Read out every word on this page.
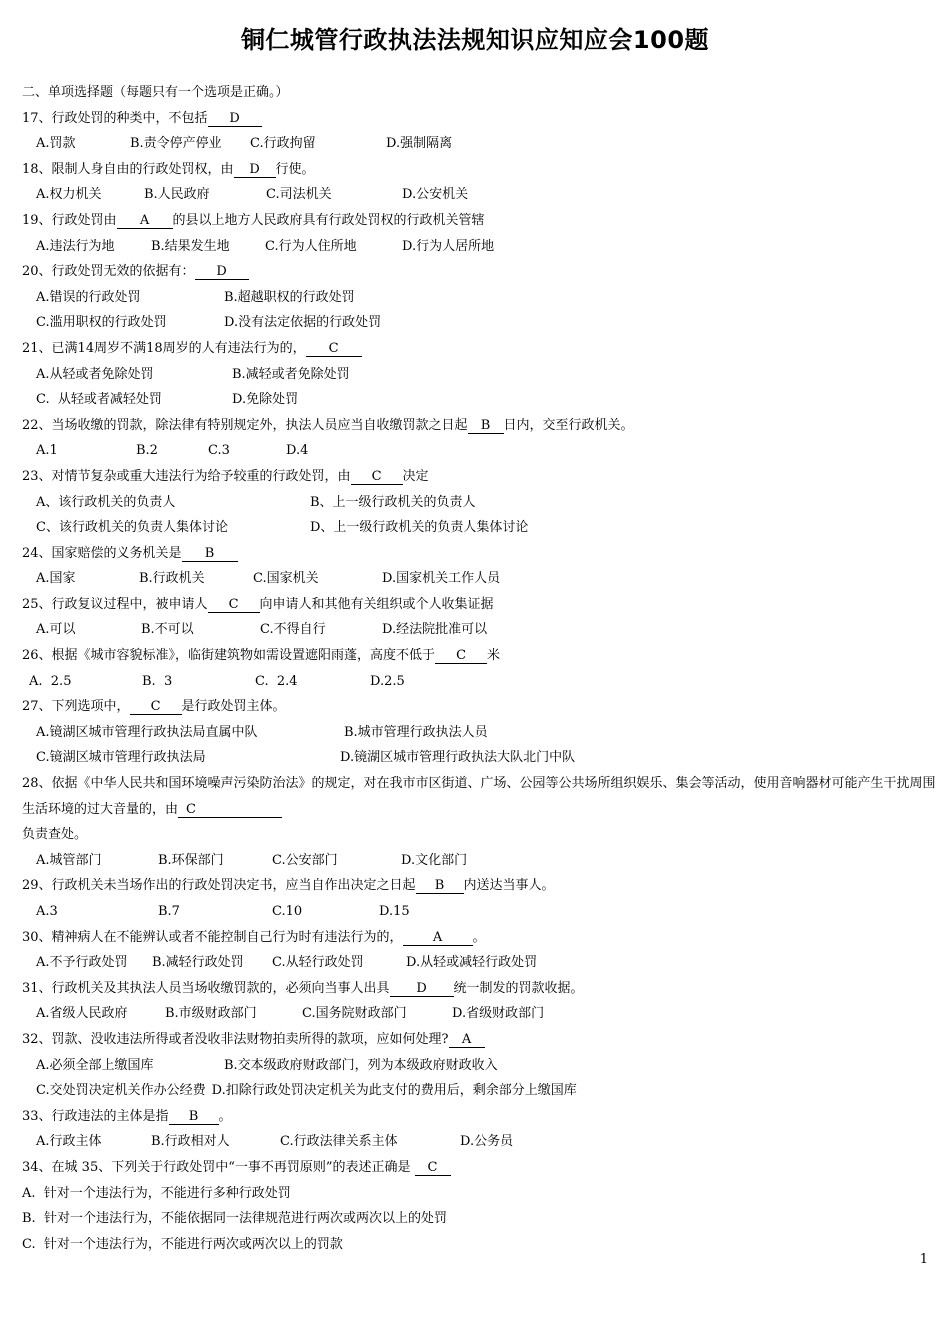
铜仁城管行政执法法规知识应知应会100题
二、单项选择题（每题只有一个选项是正确。）
17、行政处罚的种类中，不包括 D
A.罚款	B.责令停产停业 C.行政拘留	D.强制隔离
18、限制人身自由的行政处罚权，由 D 行使。
A.权力机关	B.人民政府	C.司法机关	D.公安机关
19、行政处罚由 A 的县以上地方人民政府具有行政处罚权的行政机关管辖
A.违法行为地	B.结果发生地	C.行为人住所地	D.行为人居所地
20、行政处罚无效的依据有： D
A.错误的行政处罚	B.超越职权的行政处罚
C.滥用职权的行政处罚	D.没有法定依据的行政处罚
21、已满14周岁不满18周岁的人有违法行为的， C
A.从轻或者免除处罚	B.减轻或者免除处罚
C.  从轻或者减轻处罚	D.免除处罚
22、当场收缴的罚款，除法律有特别规定外，执法人员应当自收缴罚款之日起 B 日内，交至行政机关。
A.1	B.2	C.3	D.4
23、对情节复杂或重大违法行为给予较重的行政处罚，由 C 决定
A、该行政机关的负责人	B、上一级行政机关的负责人
C、该行政机关的负责人集体讨论	D、上一级行政机关的负责人集体讨论
24、国家赔偿的义务机关是 B
A.国家	B.行政机关	C.国家机关	D.国家机关工作人员
25、行政复议过程中，被申请人 C 向申请人和其他有关组织或个人收集证据
A.可以	B.不可以	C.不得自行	D.经法院批准可以
26、根据《城市容貌标准》，临街建筑物如需设置遮阳雨蓬，高度不低于 C 米
A.  2.5	B.  3	C.  2.4	D.2.5
27、下列选项中， C 是行政处罚主体。
A.镜湖区城市管理行政执法局直属中队	B.城市管理行政执法人员
C.镜湖区城市管理行政执法局	D.镜湖区城市管理行政执法大队北门中队
28、依据《中华人民共和国环境噪声污染防治法》的规定，对在我市市区街道、广场、公园等公共场所组织娱乐、集会等活动，使用音响器材可能产生干扰周围生活环境的过大音量的，由 C
负责查处。
A.城管部门	B.环保部门	C.公安部门	D.文化部门
29、行政机关未当场作出的行政处罚决定书，应当自作出决定之日起 B 内送达当事人。
A.3	B.7	C.10	D.15
30、精神病人在不能辨认或者不能控制自己行为时有违法行为的， A 。
A.不予行政处罚 B.减轻行政处罚 C.从轻行政处罚	D.从轻或减轻行政处罚
31、行政机关及其执法人员当场收缴罚款的，必须向当事人出具 D 统一制发的罚款收据。
A.省级人民政府	B.市级财政部门	C.国务院财政部门	D.省级财政部门
32、罚款、没收违法所得或者没收非法财物拍卖所得的款项，应如何处理? A
A.必须全部上缴国库	B.交本级政府财政部门，列为本级政府财政收入
C.交处罚决定机关作办公经费 D.扣除行政处罚决定机关为此支付的费用后，剩余部分上缴国库
33、行政违法的主体是指 B 。
A.行政主体	B.行政相对人	C.行政法律关系主体	D.公务员
34、在城 35、下列关于行政处罚中“一事不再罚原则”的表述正确是 C
A.  针对一个违法行为，不能进行多种行政处罚
B.  针对一个违法行为，不能依据同一法律规范进行两次或两次以上的处罚
C.  针对一个违法行为，不能进行两次或两次以上的罚款
1
